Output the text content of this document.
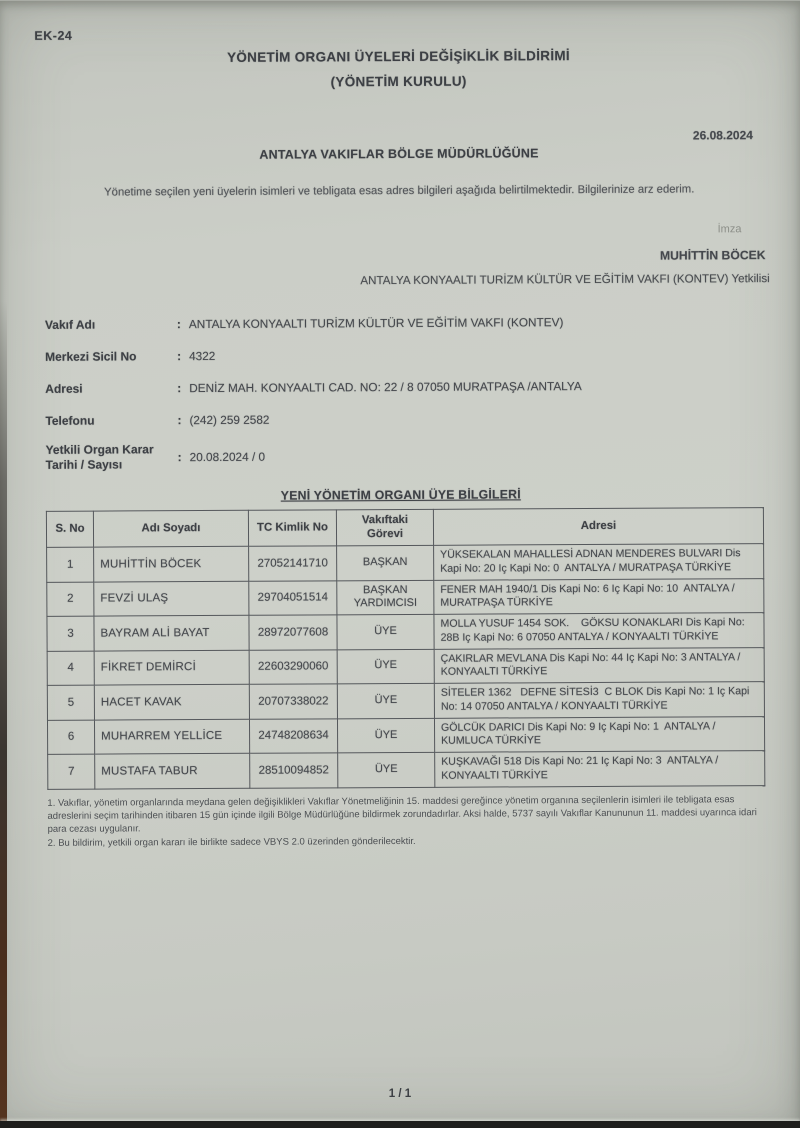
EK-24
YÖNETİM ORGANI ÜYELERİ DEĞİŞİKLİK BİLDİRİMİ
(YÖNETİM KURULU)
26.08.2024
ANTALYA VAKIFLAR BÖLGE MÜDÜRLÜĞÜNE
Yönetime seçilen yeni üyelerin isimleri ve tebligata esas adres bilgileri aşağıda belirtilmektedir. Bilgilerinize arz ederim.
İmza
MUHİTTİN BÖCEK
ANTALYA KONYAALTI TURİZM KÜLTÜR VE EĞİTİM VAKFI (KONTEV) Yetkilisi
Vakıf Adı	: ANTALYA KONYAALTI TURİZM KÜLTÜR VE EĞİTİM VAKFI (KONTEV)
Merkezi Sicil No	: 4322
Adresi	: DENİZ MAH. KONYAALTI CAD. NO: 22 / 8 07050 MURATPAŞA /ANTALYA
Telefonu	: (242) 259 2582
Yetkili Organ Karar Tarihi / Sayısı
: 20.08.2024 / 0
YENİ YÖNETİM ORGANI ÜYE BİLGİLERİ
S. No	Adı Soyadı	TC Kimlik No	Vakıftaki Görevi	Adresi
1	MUHİTTİN BÖCEK	27052141710	BAŞKAN	YÜKSEKALAN MAHALLESİ ADNAN MENDERES BULVARI Dis Kapi No: 20 Iç Kapi No: 0  ANTALYA / MURATPAŞA TÜRKİYE
2	FEVZİ ULAŞ	29704051514	BAŞKAN YARDIMCISI	FENER MAH 1940/1 Dis Kapi No: 6 Iç Kapi No: 10  ANTALYA / MURATPAŞA TÜRKİYE
3	BAYRAM ALİ BAYAT	28972077608	ÜYE	MOLLA YUSUF 1454 SOK.    GÖKSU KONAKLARI Dis Kapi No: 28B Iç Kapi No: 6 07050 ANTALYA / KONYAALTI TÜRKİYE
4	FİKRET DEMİRCİ	22603290060	ÜYE	ÇAKIRLAR MEVLANA Dis Kapi No: 44 Iç Kapi No: 3 ANTALYA / KONYAALTI TÜRKİYE
5	HACET KAVAK	20707338022	ÜYE	SİTELER 1362   DEFNE SİTESİ3  C BLOK Dis Kapi No: 1 Iç Kapi No: 14 07050 ANTALYA / KONYAALTI TÜRKİYE
6	MUHARREM YELLİCE	24748208634	ÜYE	GÖLCÜK DARICI Dis Kapi No: 9 Iç Kapi No: 1  ANTALYA / KUMLUCA TÜRKİYE
7	MUSTAFA TABUR	28510094852	ÜYE	KUŞKAVAĞI 518 Dis Kapi No: 21 Iç Kapi No: 3  ANTALYA / KONYAALTI TÜRKİYE
1. Vakıflar, yönetim organlarında meydana gelen değişiklikleri Vakıflar Yönetmeliğinin 15. maddesi gereğince yönetim organına seçilenlerin isimleri ile tebligata esas adreslerini seçim tarihinden itibaren 15 gün içinde ilgili Bölge Müdürlüğüne bildirmek zorundadırlar. Aksi halde, 5737 sayılı Vakıflar Kanununun 11. maddesi uyarınca idari para cezası uygulanır.
2. Bu bildirim, yetkili organ kararı ile birlikte sadece VBYS 2.0 üzerinden gönderilecektir.
1 / 1
